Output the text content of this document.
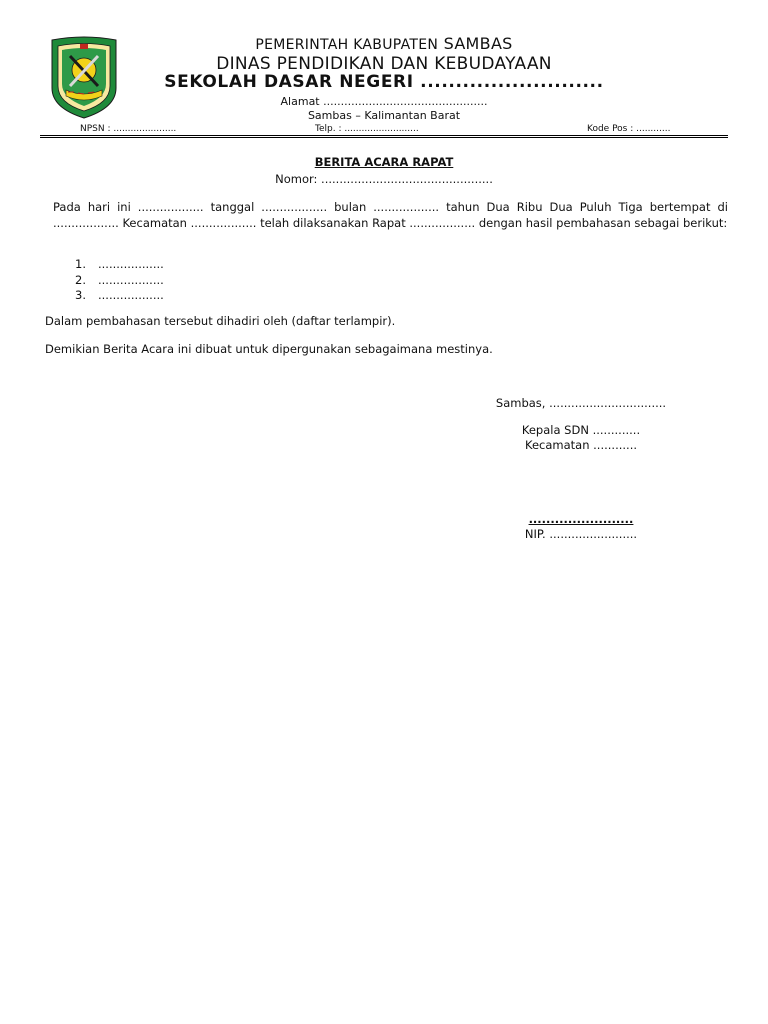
PEMERINTAH KABUPATEN SAMBAS
DINAS PENDIDIKAN DAN KEBUDAYAAN
SEKOLAH DASAR NEGERI ..........................
Alamat ...............................................
Sambas – Kalimantan Barat
NPSN : ......................	Telp. : ..........................	Kode Pos : ............
BERITA ACARA RAPAT
Nomor: ...............................................
Pada hari ini .................. tanggal .................. bulan .................. tahun Dua Ribu Dua Puluh Tiga bertempat di .................. Kecamatan .................. telah dilaksanakan Rapat .................. dengan hasil pembahasan sebagai berikut:
1. ..................
2. ..................
3. ..................
Dalam pembahasan tersebut dihadiri oleh (daftar terlampir).
Demikian Berita Acara ini dibuat untuk dipergunakan sebagaimana mestinya.
Sambas, ................................
Kepala SDN .............
Kecamatan ............
........................
NIP. ........................
